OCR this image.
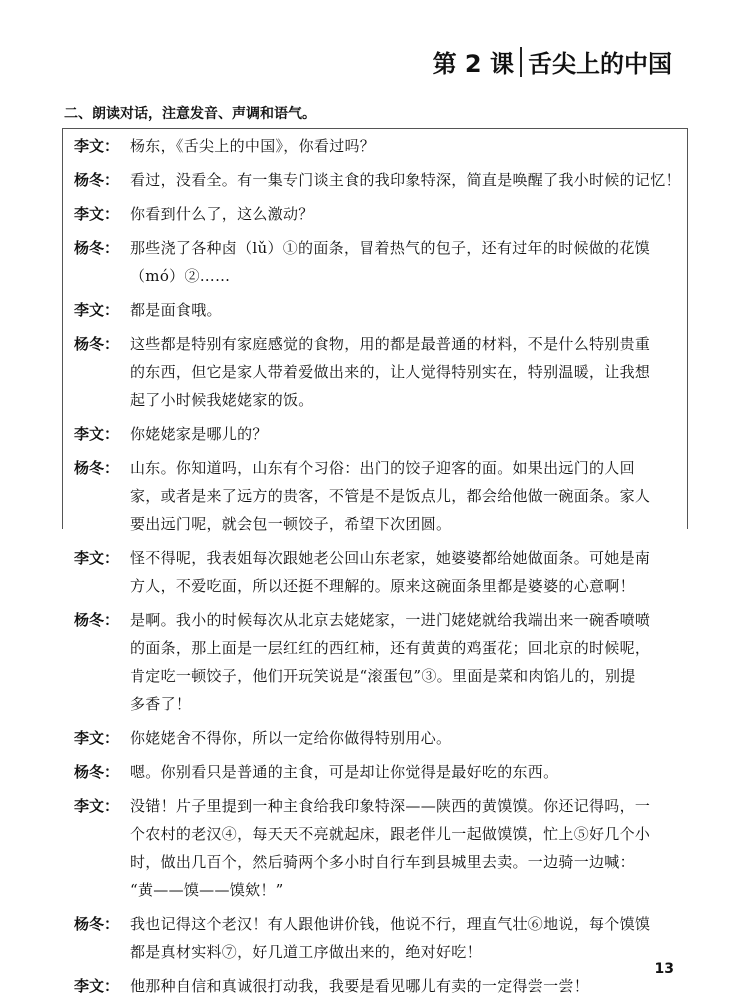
第 2 课 舌尖上的中国
二、朗读对话，注意发音、声调和语气。
李文： 杨东，《舌尖上的中国》，你看过吗？
杨冬： 看过，没看全。有一集专门谈主食的我印象特深，简直是唤醒了我小时候的记忆！
李文： 你看到什么了，这么激动？
杨冬： 那些浇了各种卤（lǔ）①的面条，冒着热气的包子，还有过年的时候做的花馍
（mó）②……
李文： 都是面食哦。
杨冬： 这些都是特别有家庭感觉的食物，用的都是最普通的材料，不是什么特别贵重
的东西，但它是家人带着爱做出来的，让人觉得特别实在，特别温暖，让我想
起了小时候我姥姥家的饭。
李文： 你姥姥家是哪儿的？
杨冬： 山东。你知道吗，山东有个习俗：出门的饺子迎客的面。如果出远门的人回
家，或者是来了远方的贵客，不管是不是饭点儿，都会给他做一碗面条。家人
要出远门呢，就会包一顿饺子，希望下次团圆。
李文： 怪不得呢，我表姐每次跟她老公回山东老家，她婆婆都给她做面条。可她是南
方人，不爱吃面，所以还挺不理解的。原来这碗面条里都是婆婆的心意啊！
杨冬： 是啊。我小的时候每次从北京去姥姥家，一进门姥姥就给我端出来一碗香喷喷
的面条，那上面是一层红红的西红柿，还有黄黄的鸡蛋花；回北京的时候呢，
肯定吃一顿饺子，他们开玩笑说是“滚蛋包”③。里面是菜和肉馅儿的，别提
多香了！
李文： 你姥姥舍不得你，所以一定给你做得特别用心。
杨冬： 嗯。你别看只是普通的主食，可是却让你觉得是最好吃的东西。
李文： 没错！片子里提到一种主食给我印象特深——陕西的黄馍馍。你还记得吗，一
个农村的老汉④，每天天不亮就起床，跟老伴儿一起做馍馍，忙上⑤好几个小
时，做出几百个，然后骑两个多小时自行车到县城里去卖。一边骑一边喊：
“黄——馍——馍欸！”
杨冬： 我也记得这个老汉！有人跟他讲价钱，他说不行，理直气壮⑥地说，每个馍馍
都是真材实料⑦，好几道工序做出来的，绝对好吃！
李文： 他那种自信和真诚很打动我，我要是看见哪儿有卖的一定得尝一尝！
13
